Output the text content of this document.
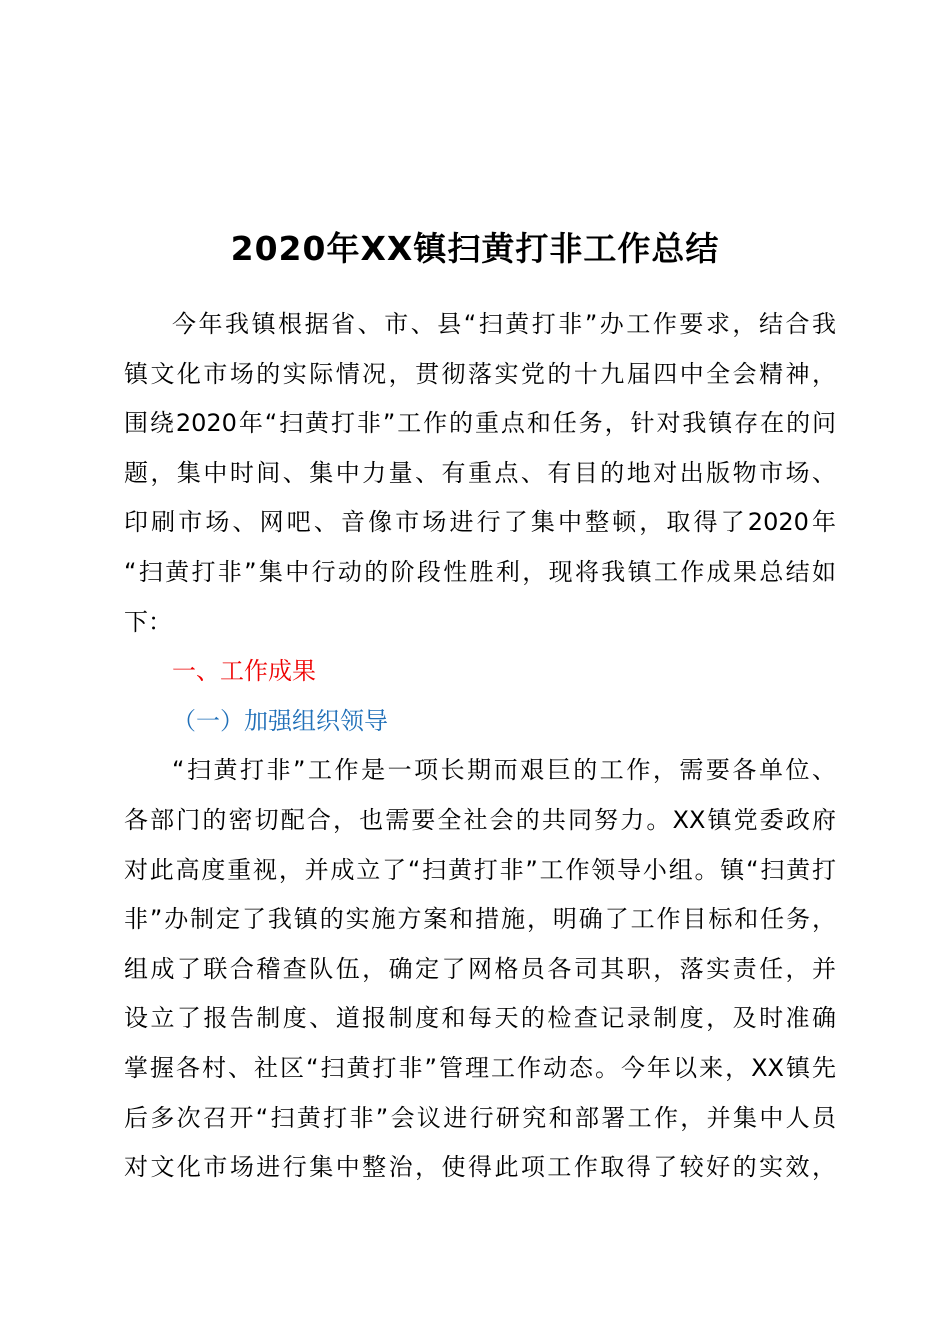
2020年XX镇扫黄打非工作总结
今年我镇根据省、市、县“扫黄打非”办工作要求，结合我
镇文化市场的实际情况，贯彻落实党的十九届四中全会精神，
围绕2020年“扫黄打非”工作的重点和任务，针对我镇存在的问
题，集中时间、集中力量、有重点、有目的地对出版物市场、
印刷市场、网吧、音像市场进行了集中整顿，取得了2020年
“扫黄打非”集中行动的阶段性胜利，现将我镇工作成果总结如
下：
一、工作成果
（一）加强组织领导
“扫黄打非”工作是一项长期而艰巨的工作，需要各单位、
各部门的密切配合，也需要全社会的共同努力。XX镇党委政府
对此高度重视，并成立了“扫黄打非”工作领导小组。镇“扫黄打
非”办制定了我镇的实施方案和措施，明确了工作目标和任务，
组成了联合稽查队伍，确定了网格员各司其职，落实责任，并
设立了报告制度、道报制度和每天的检查记录制度，及时准确
掌握各村、社区“扫黄打非”管理工作动态。今年以来，XX镇先
后多次召开“扫黄打非”会议进行研究和部署工作，并集中人员
对文化市场进行集中整治，使得此项工作取得了较好的实效，
